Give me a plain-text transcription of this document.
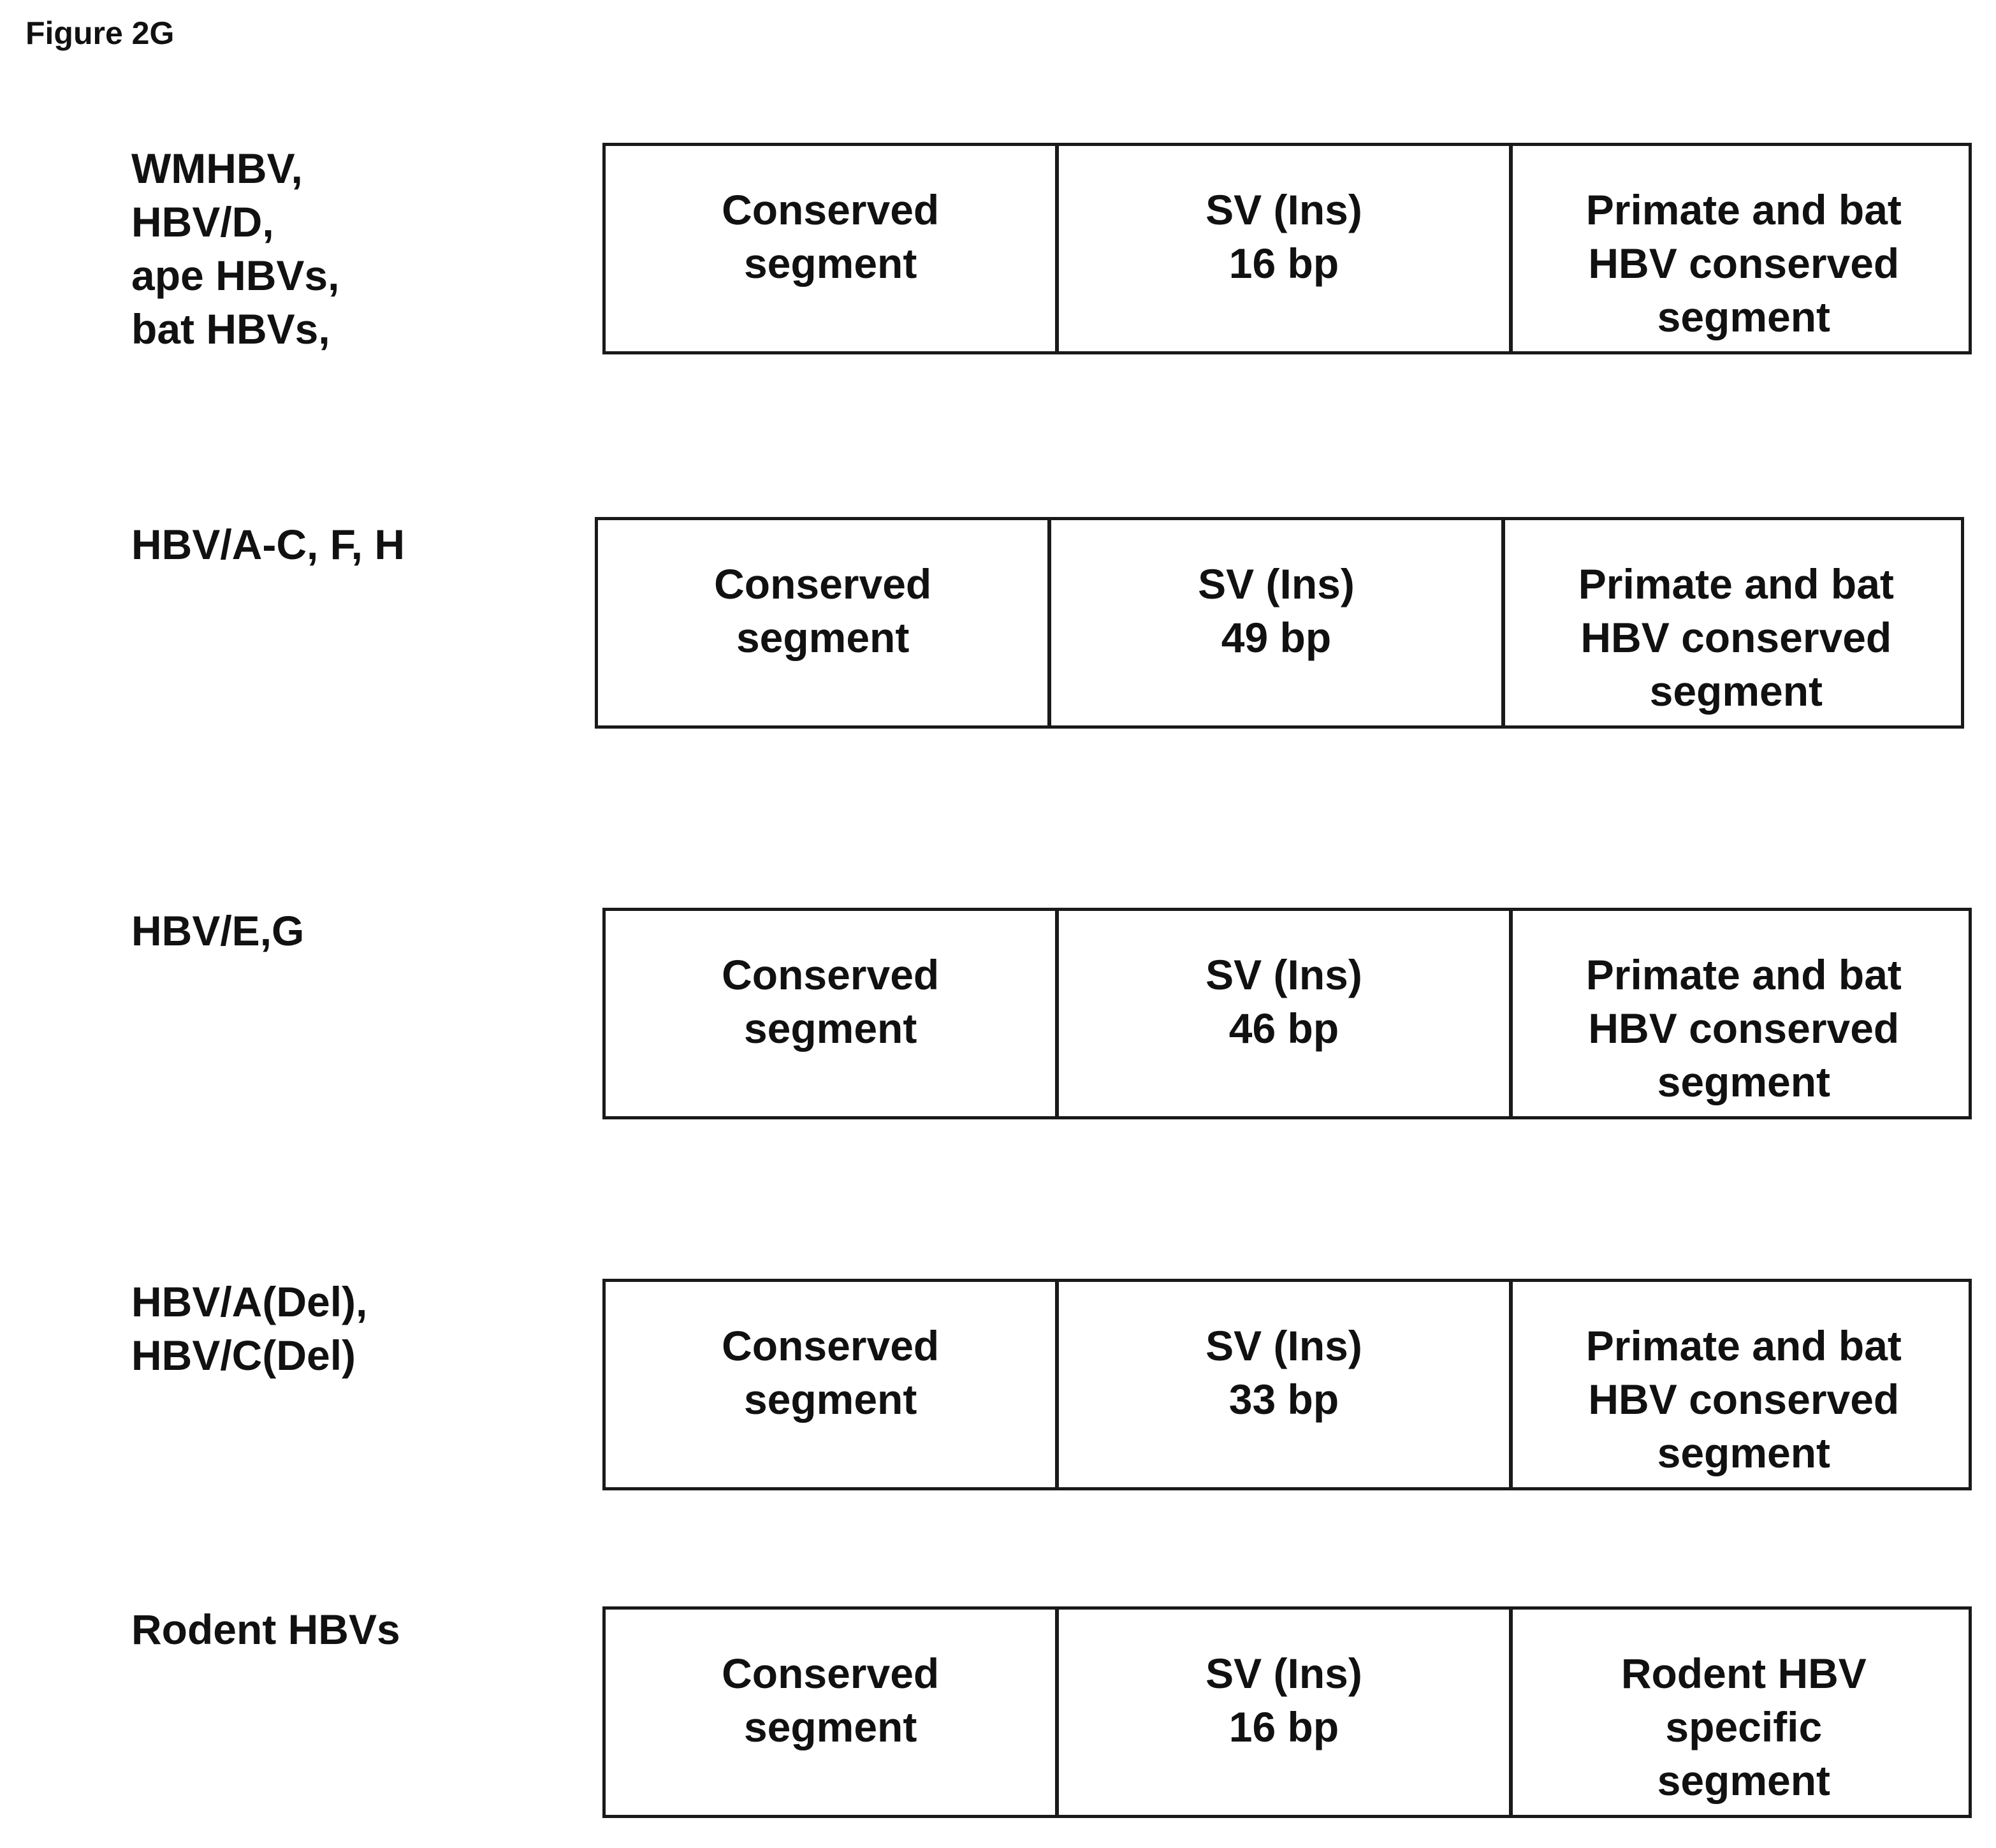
Figure 2G
WMHBV,
HBV/D,
ape HBVs,
bat HBVs,
Conserved
segment
SV (Ins)
16 bp
Primate and bat
HBV conserved
segment
HBV/A-C, F, H
Conserved
segment
SV (Ins)
49 bp
Primate and bat
HBV conserved
segment
HBV/E,G
Conserved
segment
SV (Ins)
46 bp
Primate and bat
HBV conserved
segment
HBV/A(Del),
HBV/C(Del)	Conserved
segment
SV (Ins)
33 bp
Primate and bat
HBV conserved
segment
Rodent HBVs
Conserved
segment
SV (Ins)
16 bp
Rodent HBV
specific
segment
